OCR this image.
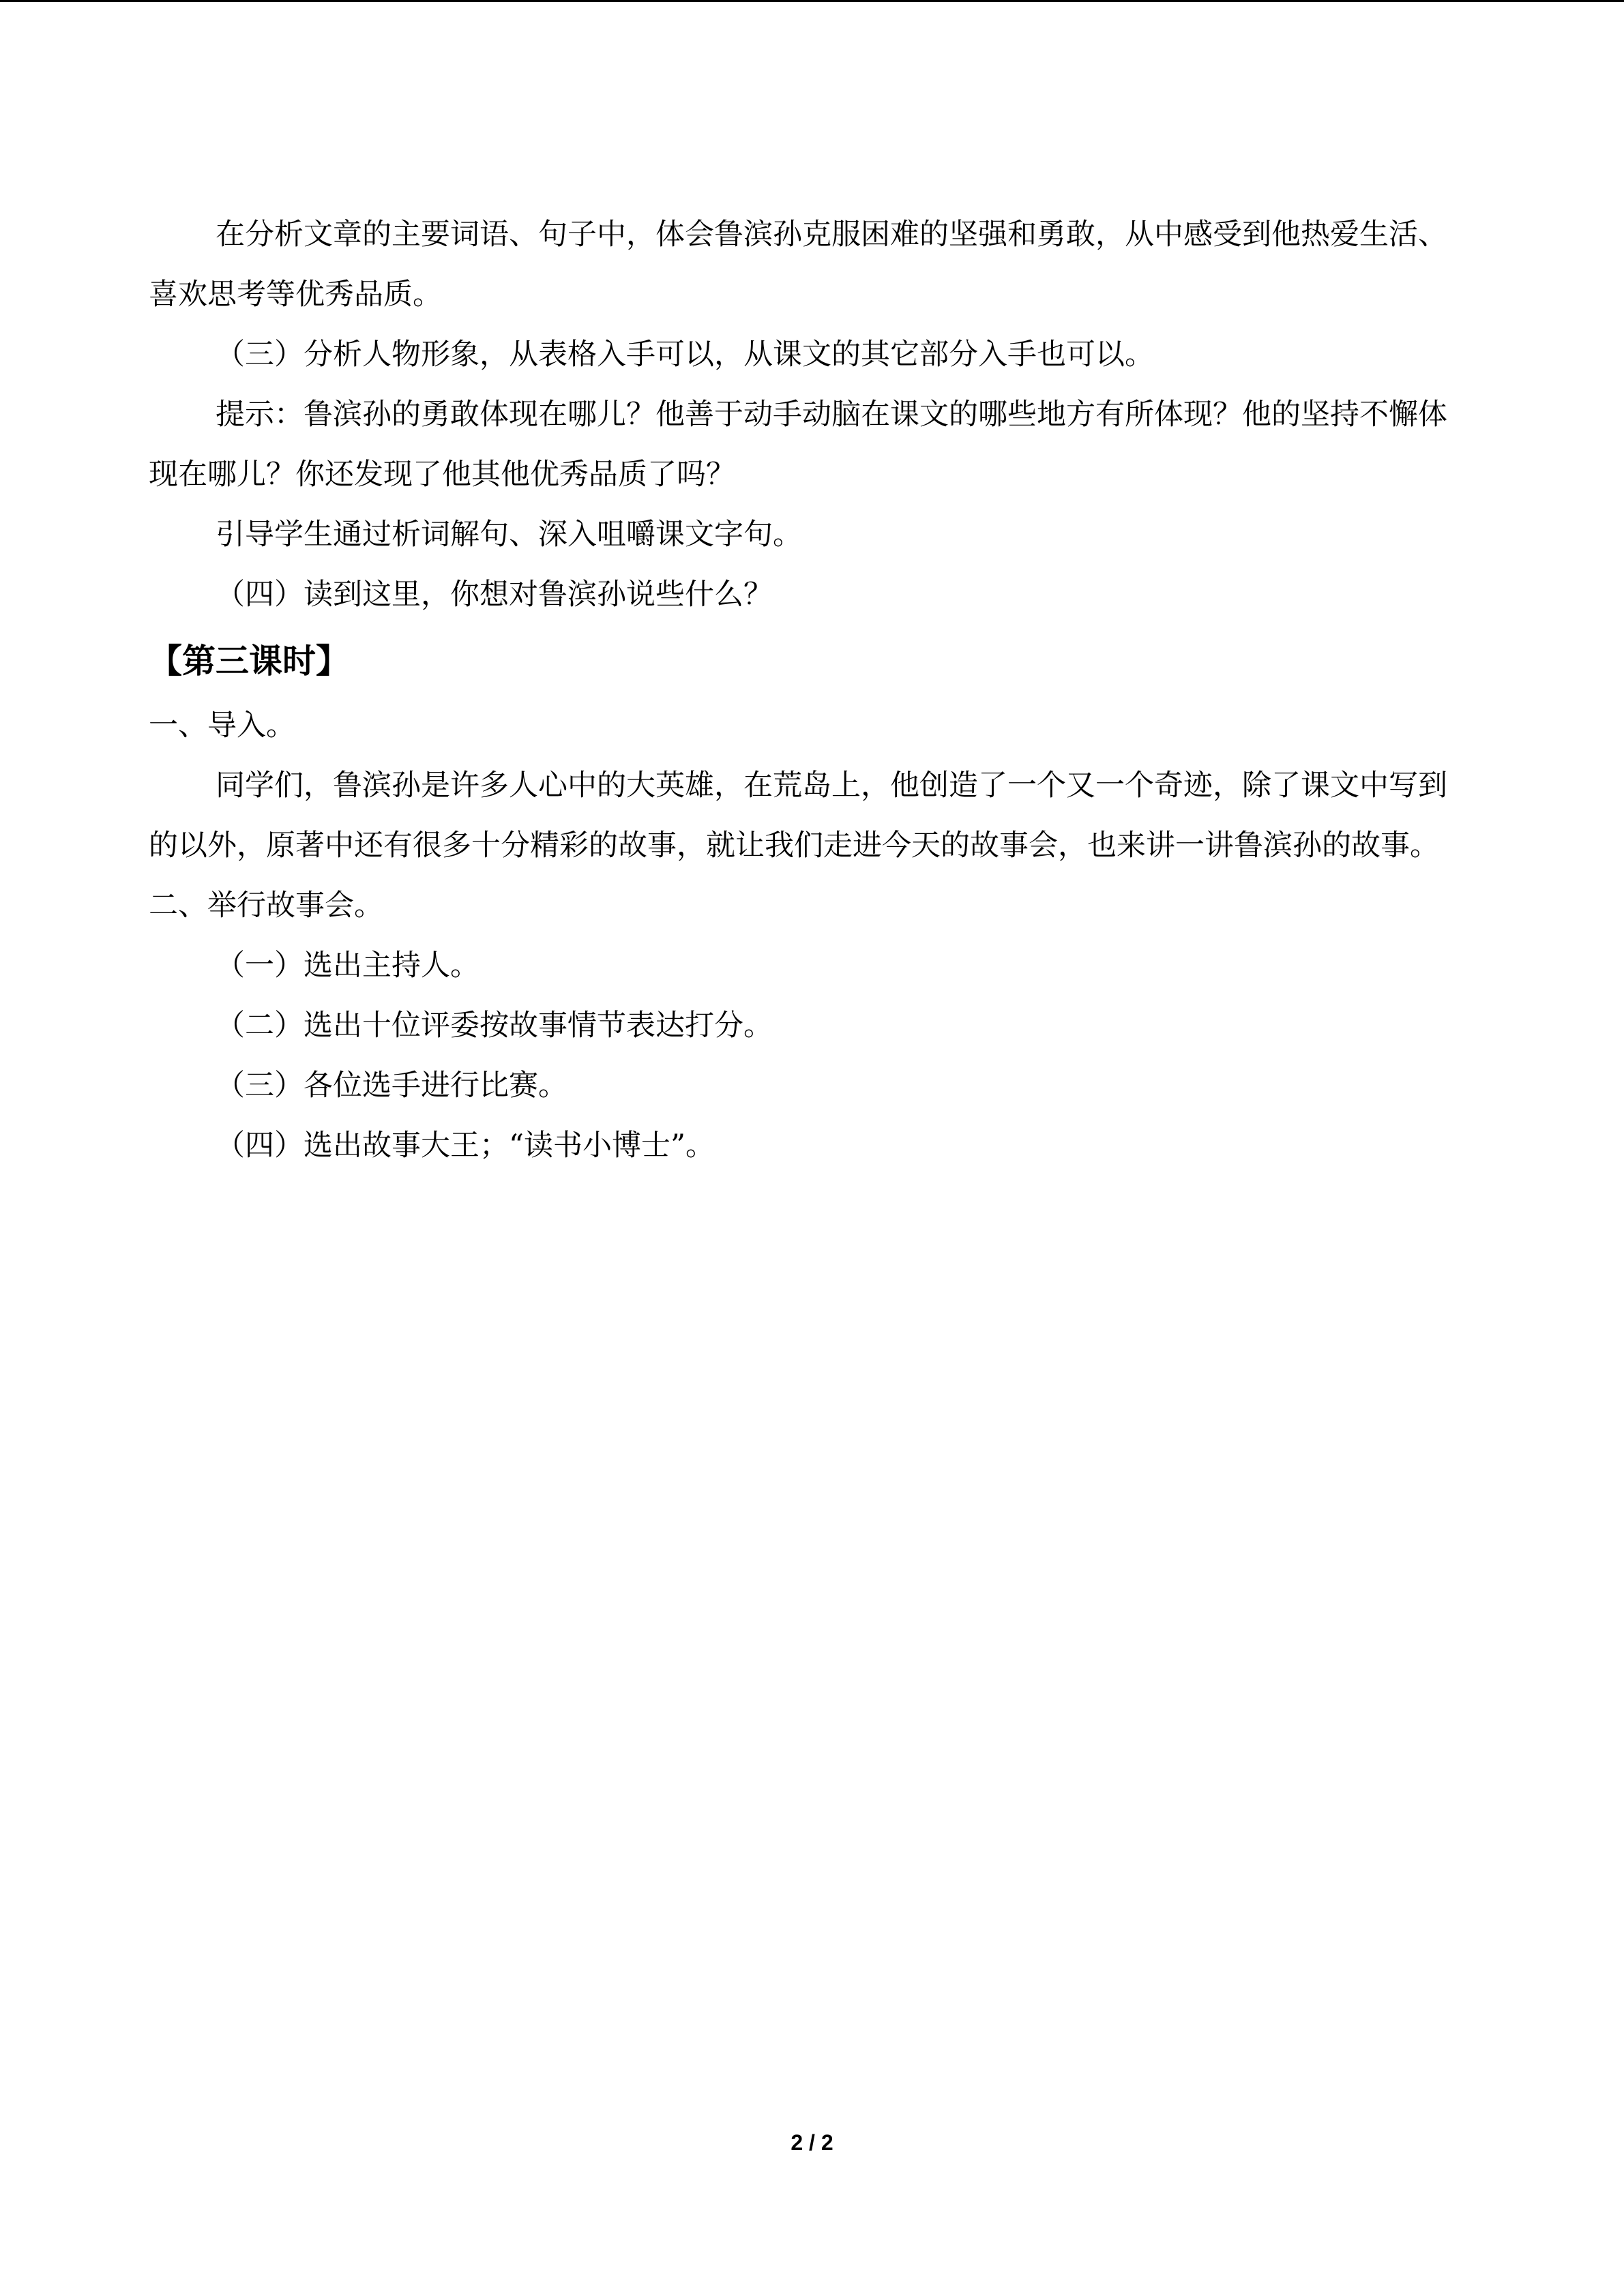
在分析文章的主要词语、句子中，体会鲁滨孙克服困难的坚强和勇敢，从中感受到他热爱生活、喜欢思考等优秀品质。

（三）分析人物形象，从表格入手可以，从课文的其它部分入手也可以。

提示：鲁滨孙的勇敢体现在哪儿？他善于动手动脑在课文的哪些地方有所体现？他的坚持不懈体现在哪儿？你还发现了他其他优秀品质了吗？

引导学生通过析词解句、深入咀嚼课文字句。

（四）读到这里，你想对鲁滨孙说些什么？

【第三课时】

一、导入。

同学们，鲁滨孙是许多人心中的大英雄，在荒岛上，他创造了一个又一个奇迹，除了课文中写到的以外，原著中还有很多十分精彩的故事，就让我们走进今天的故事会，也来讲一讲鲁滨孙的故事。

二、举行故事会。

（一）选出主持人。

（二）选出十位评委按故事情节表达打分。

（三）各位选手进行比赛。

（四）选出故事大王；“读书小博士”。

2 / 2
